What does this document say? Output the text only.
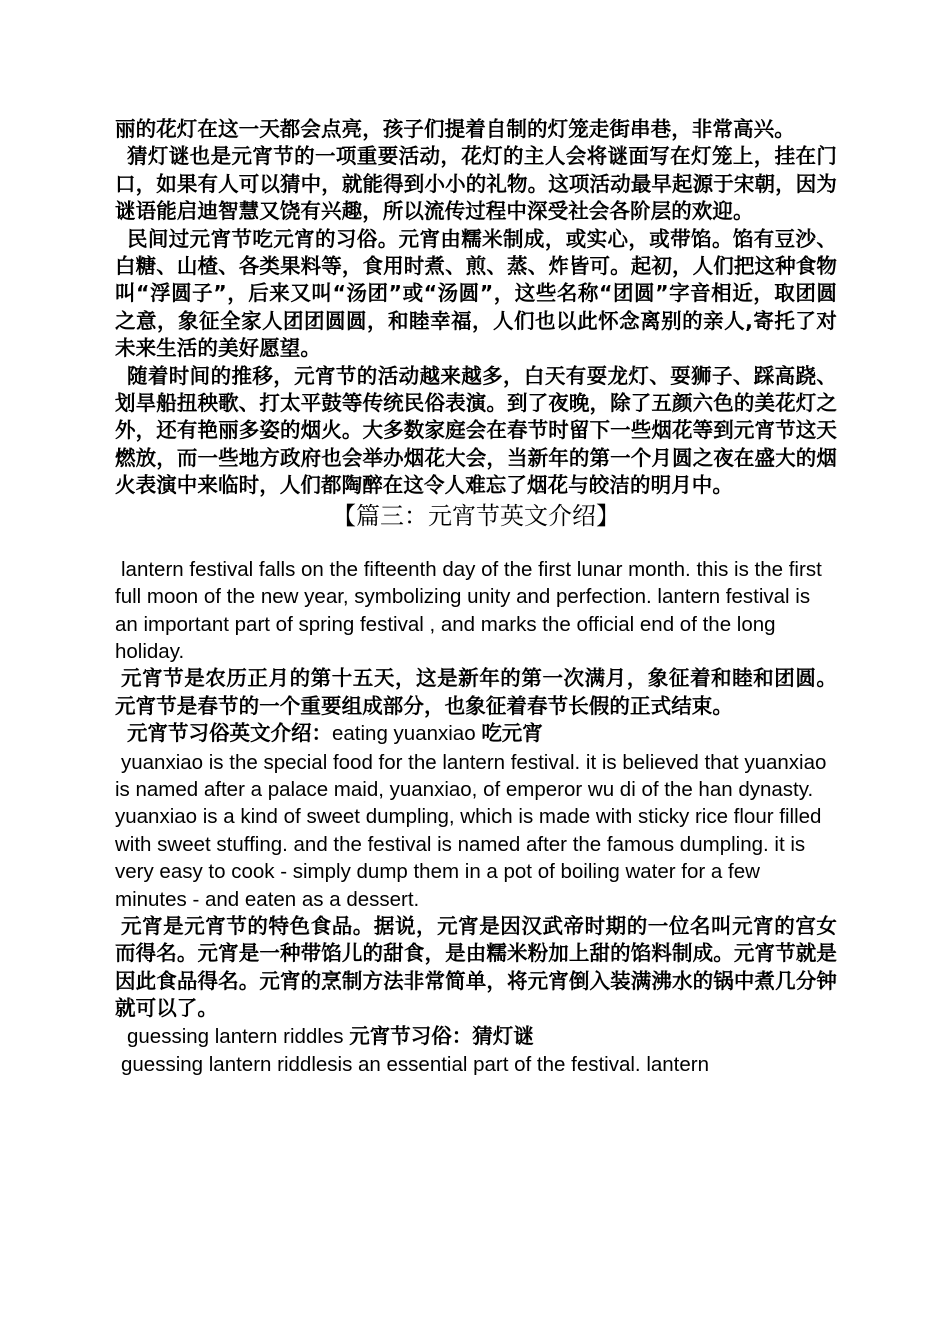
丽的花灯在这一天都会点亮，孩子们提着自制的灯笼走街串巷，非常高兴。

猜灯谜也是元宵节的一项重要活动，花灯的主人会将谜面写在灯笼上，挂在门口，如果有人可以猜中，就能得到小小的礼物。这项活动最早起源于宋朝，因为谜语能启迪智慧又饶有兴趣，所以流传过程中深受社会各阶层的欢迎。

民间过元宵节吃元宵的习俗。元宵由糯米制成，或实心，或带馅。馅有豆沙、白糖、山楂、各类果料等，食用时煮、煎、蒸、炸皆可。起初，人们把这种食物叫“浮圆子”，后来又叫“汤团”或“汤圆”，这些名称“团圆”字音相近，取团圆之意，象征全家人团团圆圆，和睦幸福，人们也以此怀念离别的亲人,寄托了对未来生活的美好愿望。

随着时间的推移，元宵节的活动越来越多，白天有耍龙灯、耍狮子、踩高跷、划旱船扭秧歌、打太平鼓等传统民俗表演。到了夜晚，除了五颜六色的美花灯之外，还有艳丽多姿的烟火。大多数家庭会在春节时留下一些烟花等到元宵节这天燃放，而一些地方政府也会举办烟花大会，当新年的第一个月圆之夜在盛大的烟火表演中来临时，人们都陶醉在这令人难忘了烟花与皎洁的明月中。

【篇三：元宵节英文介绍】

lantern festival falls on the fifteenth day of the first lunar month. this is the first full moon of the new year, symbolizing unity and perfection. lantern festival is an important part of spring festival , and marks the official end of the long holiday.

元宵节是农历正月的第十五天，这是新年的第一次满月，象征着和睦和团圆。元宵节是春节的一个重要组成部分，也象征着春节长假的正式结束。

元宵节习俗英文介绍：eating yuanxiao 吃元宵

yuanxiao is the special food for the lantern festival. it is believed that yuanxiao is named after a palace maid, yuanxiao, of emperor wu di of the han dynasty. yuanxiao is a kind of sweet dumpling, which is made with sticky rice flour filled with sweet stuffing. and the festival is named after the famous dumpling. it is very easy to cook - simply dump them in a pot of boiling water for a few minutes - and eaten as a dessert.

元宵是元宵节的特色食品。据说，元宵是因汉武帝时期的一位名叫元宵的宫女而得名。元宵是一种带馅儿的甜食，是由糯米粉加上甜的馅料制成。元宵节就是因此食品得名。元宵的烹制方法非常简单，将元宵倒入装满沸水的锅中煮几分钟就可以了。

guessing lantern riddles 元宵节习俗：猜灯谜

guessing lantern riddlesis an essential part of the festival. lantern
